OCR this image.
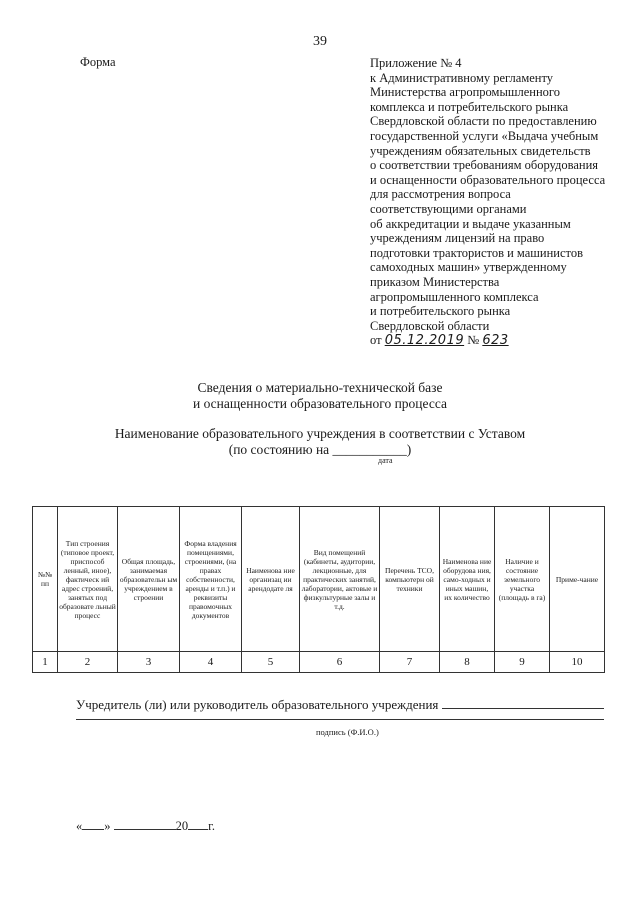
39
Форма	Приложение № 4
к Административному регламенту
Министерства агропромышленного
комплекса и потребительского рынка
Свердловской области по предоставлению
государственной услуги «Выдача учебным
учреждениям обязательных свидетельств
о соответствии требованиям оборудования
и оснащенности образовательного процесса
для рассмотрения вопроса
соответствующими органами
об аккредитации и выдаче указанным
учреждениям лицензий на право
подготовки трактористов и машинистов
самоходных машин» утвержденному
приказом Министерства
агропромышленного комплекса
и потребительского рынка
Свердловской области
от 05.12.2019 № 623
Сведения о материально-технической базе
и оснащенности образовательного процесса
Наименование образовательного учреждения в соответствии с Уставом
(по состоянию на ___________)
дата
№№ пп	Тип строения (типовое проект, приспособ ленный, иное), фактическ ий адрес строений, занятых под образовате льный процесс	Общая площадь, занимаемая образовательн ым учреждением в строении	Форма владения помещениями, строениями, (на правах собственности, аренды и т.п.) и реквизиты правомочных документов	Наименова ние организац ии арендодате ля	Вид помещений (кабинеты, аудитории, лекционные, для практических занятий, лаборатории, актовые и физкультурные залы и т.д.	Перечень ТСО, компьютерн ой техники	Наименова ние оборудова ния, само-ходных и иных машин, их количество	Наличие и состояние земельного участка (площадь в га)	Приме-чание
1	2	3	4	5	6	7	8	9	10
Учредитель (ли) или руководитель образовательного учреждения
подпись (Ф.И.О.)
« »	20 г.
